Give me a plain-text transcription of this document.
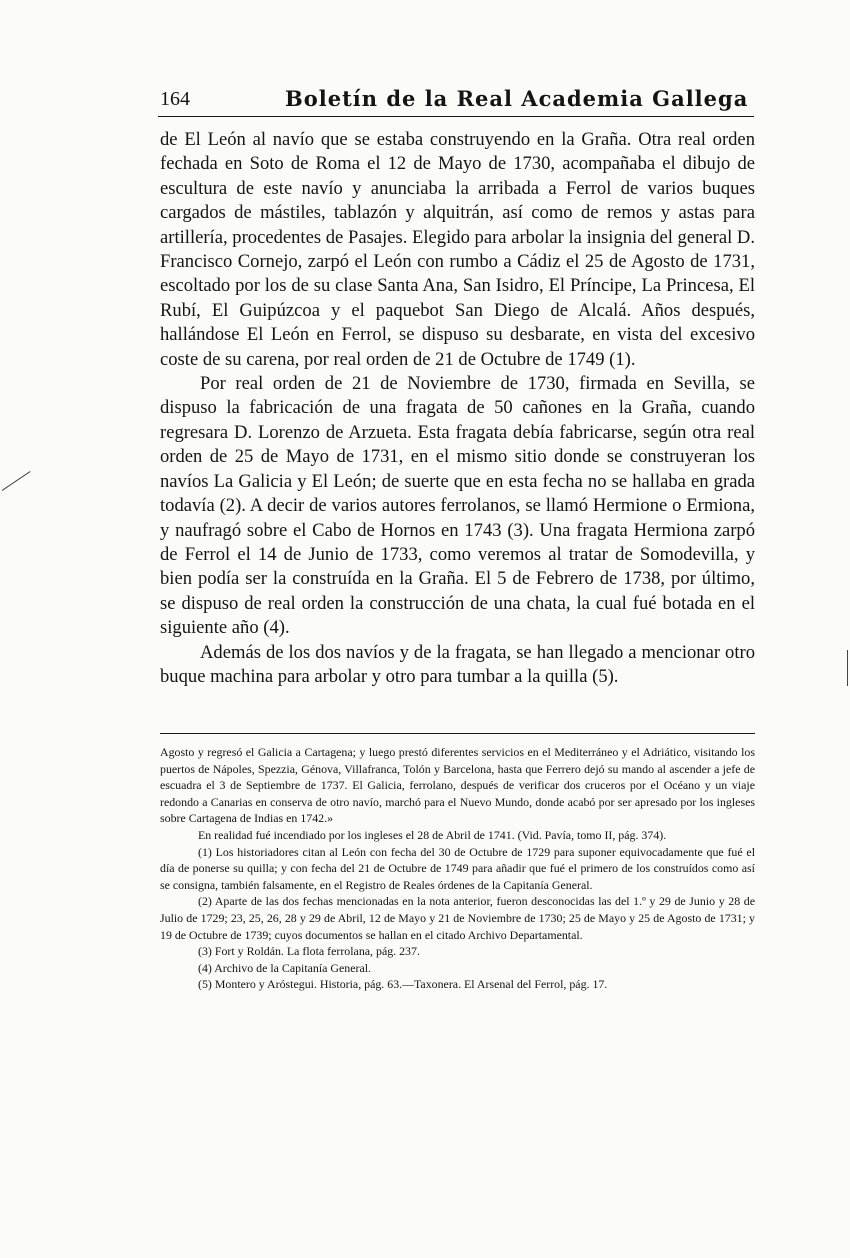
164	Boletín de la Real Academia Gallega

de El León al navío que se estaba construyendo en la Graña. Otra real orden fechada en Soto de Roma el 12 de Mayo de 1730, acompañaba el dibujo de escultura de este navío y anunciaba la arribada a Ferrol de varios buques cargados de mástiles, tablazón y alquitrán, así como de remos y astas para artillería, procedentes de Pasajes. Elegido para arbolar la insignia del general D. Francisco Cornejo, zarpó el León con rumbo a Cádiz el 25 de Agosto de 1731, escoltado por los de su clase Santa Ana, San Isidro, El Príncipe, La Princesa, El Rubí, El Guipúzcoa y el paquebot San Diego de Alcalá. Años después, hallándose El León en Ferrol, se dispuso su desbarate, en vista del excesivo coste de su carena, por real orden de 21 de Octubre de 1749 (1).

Por real orden de 21 de Noviembre de 1730, firmada en Sevilla, se dispuso la fabricación de una fragata de 50 cañones en la Graña, cuando regresara D. Lorenzo de Arzueta. Esta fragata debía fabricarse, según otra real orden de 25 de Mayo de 1731, en el mismo sitio donde se construyeran los navíos La Galicia y El León; de suerte que en esta fecha no se hallaba en grada todavía (2). A decir de varios autores ferrolanos, se llamó Hermione o Ermiona, y naufragó sobre el Cabo de Hornos en 1743 (3). Una fragata Hermiona zarpó de Ferrol el 14 de Junio de 1733, como veremos al tratar de Somodevilla, y bien podía ser la construída en la Graña. El 5 de Febrero de 1738, por último, se dispuso de real orden la construcción de una chata, la cual fué botada en el siguiente año (4).

Además de los dos navíos y de la fragata, se han llegado a mencionar otro buque machina para arbolar y otro para tumbar a la quilla (5).

Agosto y regresó el Galicia a Cartagena; y luego prestó diferentes servicios en el Mediterráneo y el Adriático, visitando los puertos de Nápoles, Spezzia, Génova, Villafranca, Tolón y Barcelona, hasta que Ferrero dejó su mando al ascender a jefe de escuadra el 3 de Septiembre de 1737. El Galicia, ferrolano, después de verificar dos cruceros por el Océano y un viaje redondo a Canarias en conserva de otro navío, marchó para el Nuevo Mundo, donde acabó por ser apresado por los ingleses sobre Cartagena de Indias en 1742.»

En realidad fué incendiado por los ingleses el 28 de Abril de 1741. (Vid. Pavía, tomo II, pág. 374).

(1) Los historiadores citan al León con fecha del 30 de Octubre de 1729 para suponer equivocadamente que fué el día de ponerse su quilla; y con fecha del 21 de Octubre de 1749 para añadir que fué el primero de los construídos como así se consigna, también falsamente, en el Registro de Reales órdenes de la Capitanía General.

(2) Aparte de las dos fechas mencionadas en la nota anterior, fueron desconocidas las del 1.º y 29 de Junio y 28 de Julio de 1729; 23, 25, 26, 28 y 29 de Abril, 12 de Mayo y 21 de Noviembre de 1730; 25 de Mayo y 25 de Agosto de 1731; y 19 de Octubre de 1739; cuyos documentos se hallan en el citado Archivo Departamental.

(3) Fort y Roldán. La flota ferrolana, pág. 237.

(4) Archivo de la Capitanía General.

(5) Montero y Aróstegui. Historia, pág. 63.—Taxonera. El Arsenal del Ferrol, pág. 17.
